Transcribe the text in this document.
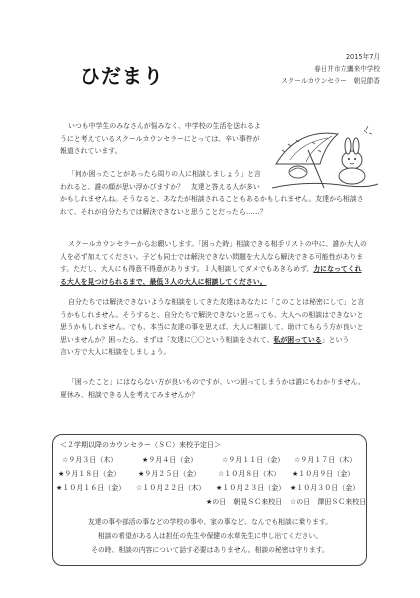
ひだまり
2015年7月
春日井市立鷹来中学校
スクールカウンセラー　朝見節香
いつも中学生のみなさんが悩みなく、中学校の生活を送れるよ
うにと考えているスクールカウンセラーにとっては、辛い事件が
報道されています。
「何か困ったことがあったら周りの人に相談しましょう」と言
われると、誰の顔が思い浮かびますか？　友達と答える人が多い
かもしれませんね。そうなると、あなたが相談されることもあるかもしれません。友達から相談さ
れて、それが自分たちでは解決できないと思うことだったら……？
スクールカウンセラーからお願いします。「困った時」相談できる相手リストの中に、誰か大人の
人を必ず加えてください。子ども同士では解決できない問題を大人なら解決できる可能性がありま
す。ただし、大人にも得意不得意があります。１人相談してダメでもあきらめず、力になってくれ
る大人を見つけられるまで、最低３人の大人に相談してください。
自分たちでは解決できないような相談をしてきた友達はあなたに「このことは秘密にして」と言
うかもしれません。そうすると、自分たちで解決できないと思っても、大人への相談はできないと
思うかもしれません。でも、本当に友達の事を思えば、大人に相談して、助けてもらう方が良いと
思いませんか？困ったら、まずは「友達に〇〇という相談をされて、私が困っている」という
言い方で大人に相談をしましょう。
「困ったこと」にはならない方が良いものですが、いつ困ってしまうかは誰にもわかりません。
夏休み、相談できる人を考えてみませんか？
＜２学期以降のカウンセラー（ＳＣ）来校予定日＞
☆９月３日（木）	★９月４日（金）	☆９月１１日（金） ☆９月１７日（木）
★９月１８日（金）	★９月２５日（金）	☆１０月８日（木） ★１０月９日（金）
★１０月１６日（金） ☆１０月２２日（木） ★１０月２３日（金） ★１０月３０日（金）
★の日　朝見ＳＣ来校日 ☆の日　澤田ＳＣ来校日
友達の事や部活の事などの学校の事や、家の事など、なんでも相談に乗ります。
相談の希望がある人は担任の先生や保健の水草先生に申し出てください。
その時、相談の内容について話す必要はありません。相談の秘密は守ります。
